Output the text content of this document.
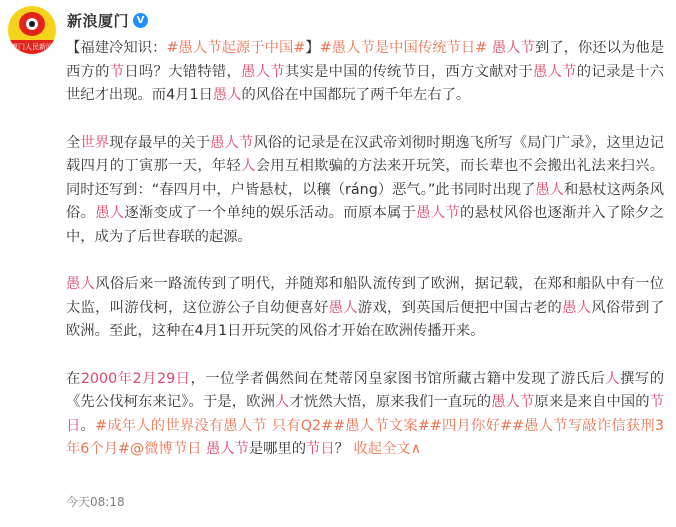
厦门人民新闻
新浪厦门 V

【福建冷知识：#愚人节起源于中国#】#愚人节是中国传统节日# 愚人节到了，你还以为他是西方的节日吗？大错特错，愚人节其实是中国的传统节日，西方文献对于愚人节的记录是十六世纪才出现。而4月1日愚人的风俗在中国都玩了两千年左右了。

全世界现存最早的关于愚人节风俗的记录是在汉武帝刘彻时期逸飞所写《局门广录》，这里边记载四月的丁寅那一天，年轻人会用互相欺骗的方法来开玩笑，而长辈也不会搬出礼法来扫兴。同时还写到：“春四月中，户皆悬杖，以穰（ráng）恶气。”此书同时出现了愚人和悬杖这两条风俗。愚人逐渐变成了一个单纯的娱乐活动。而原本属于愚人节的悬杖风俗也逐渐并入了除夕之中，成为了后世春联的起源。

愚人风俗后来一路流传到了明代，并随郑和船队流传到了欧洲，据记载，在郑和船队中有一位太监，叫游伐柯，这位游公子自幼便喜好愚人游戏，到英国后便把中国古老的愚人风俗带到了欧洲。至此，这种在4月1日开玩笑的风俗才开始在欧洲传播开来。

在2000年2月29日，一位学者偶然间在梵蒂冈皇家图书馆所藏古籍中发现了游氏后人撰写的《先公伐柯东来记》。于是，欧洲人才恍然大悟，原来我们一直玩的愚人节原来是来自中国的节日。#成年人的世界没有愚人节 只有Q2##愚人节文案##四月你好##愚人节写敲诈信获刑3年6个月#@微博节日 愚人节是哪里的节日？ 收起全文∧

今天08:18
